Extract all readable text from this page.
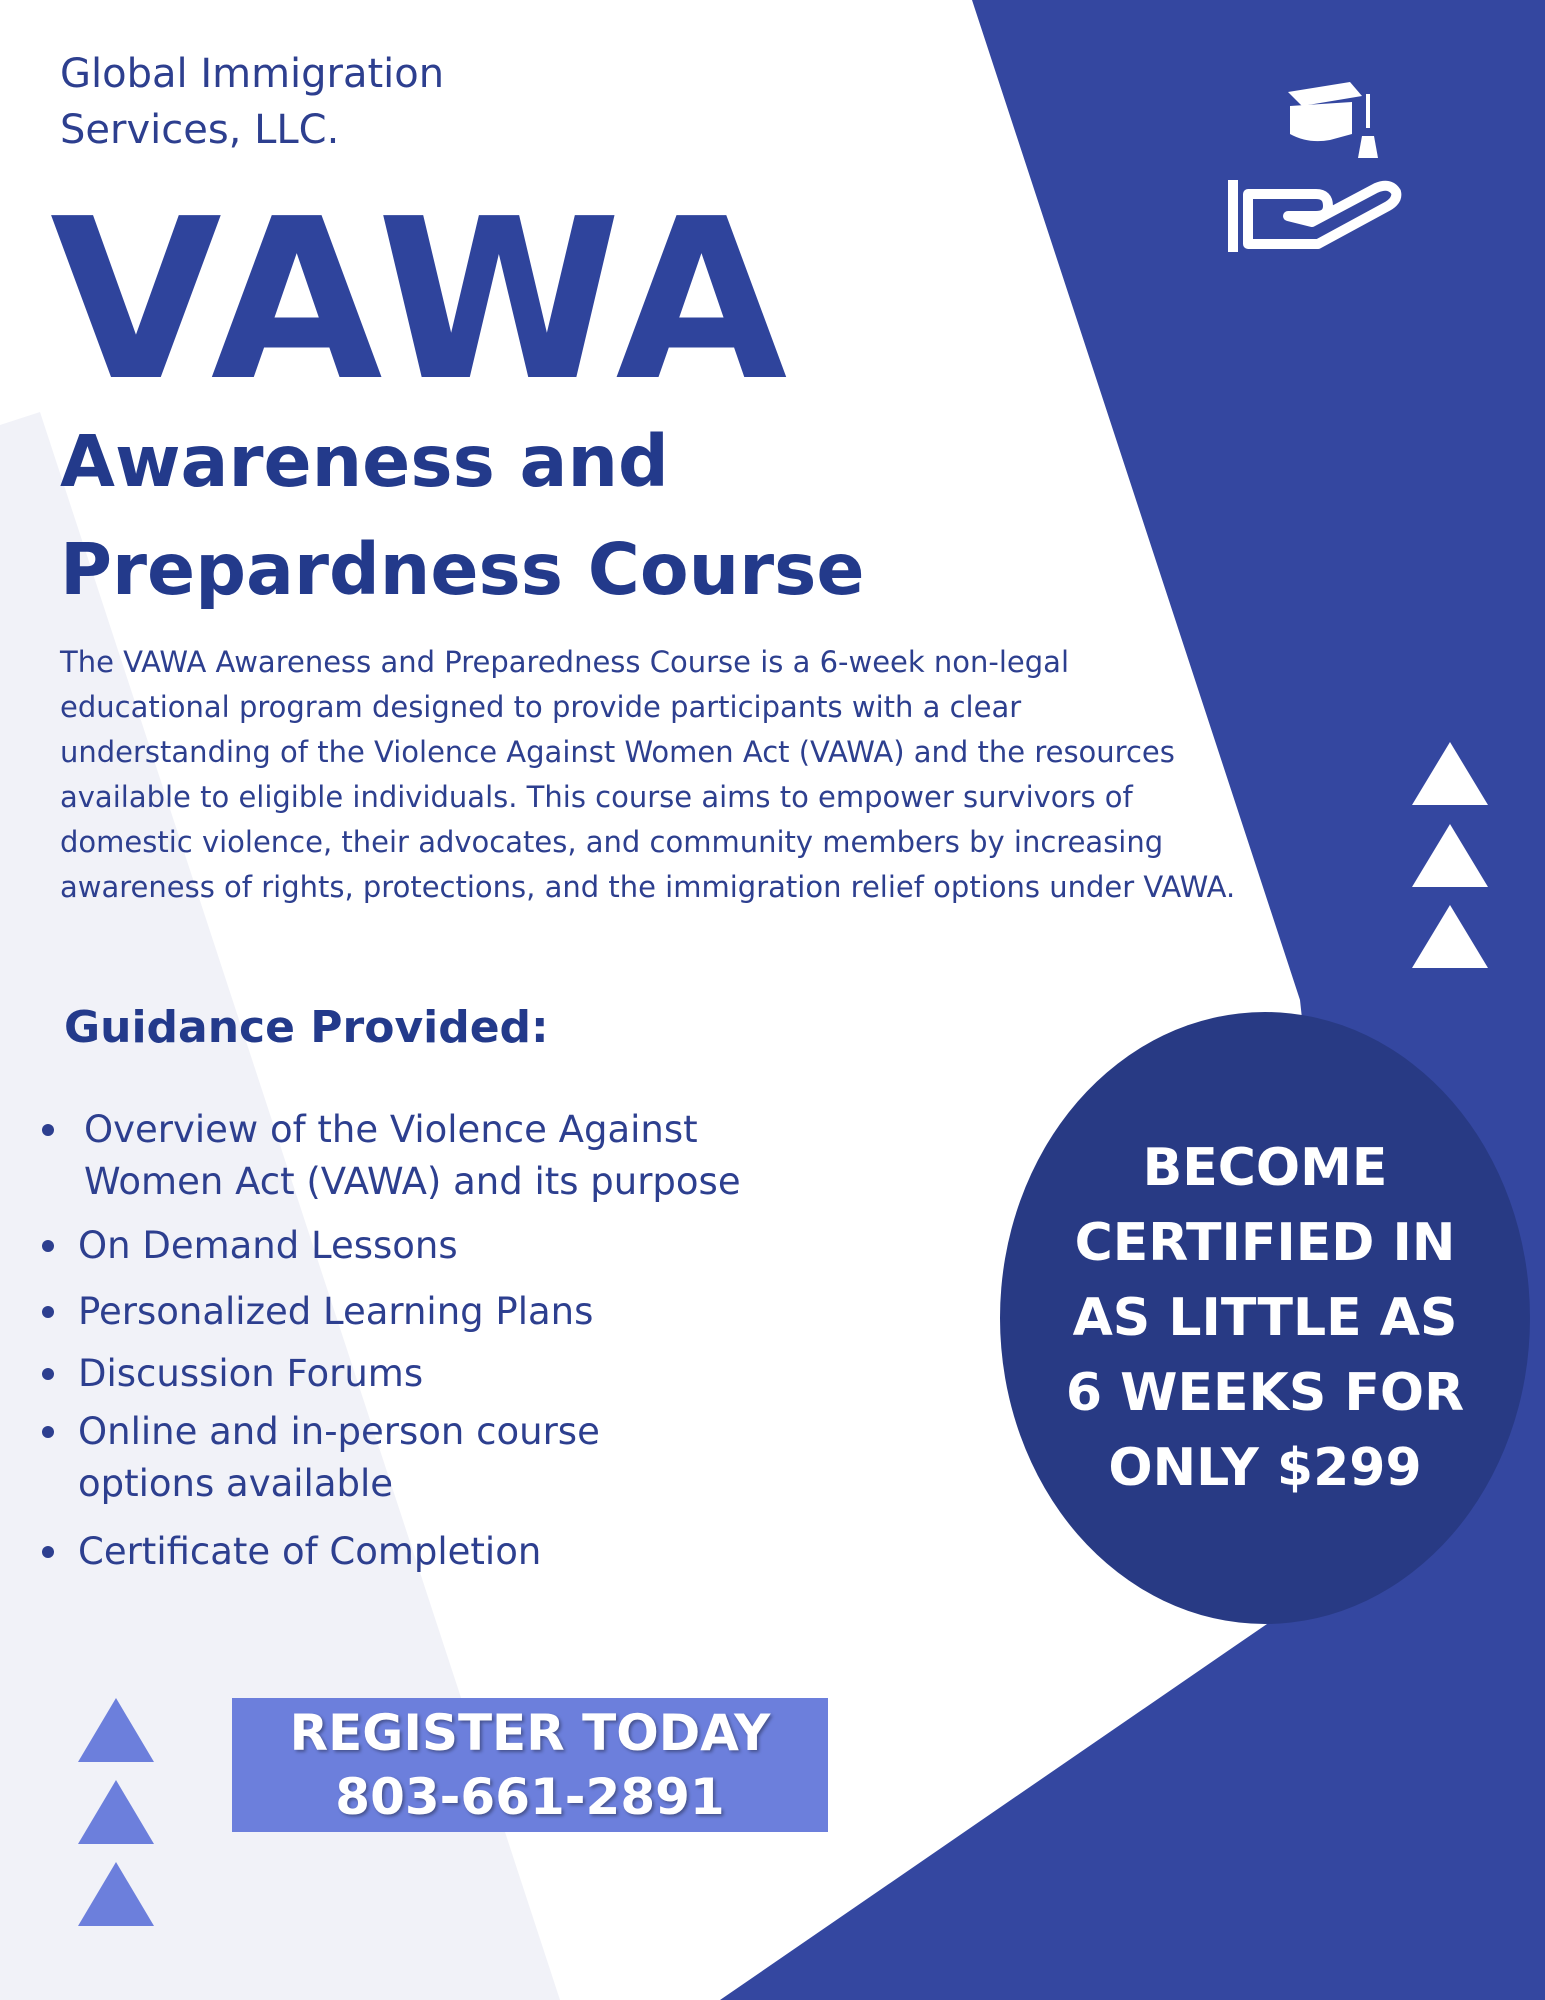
Global Immigration
Services, LLC.
VAWA
Awareness and
Prepardness Course
The VAWA Awareness and Preparedness Course is a 6-week non-legal educational program designed to provide participants with a clear understanding of the Violence Against Women Act (VAWA) and the resources available to eligible individuals. This course aims to empower survivors of domestic violence, their advocates, and community members by increasing awareness of rights, protections, and the immigration relief options under VAWA.
Guidance Provided:
Overview of the Violence Against Women Act (VAWA) and its purpose
On Demand Lessons
Personalized Learning Plans
Discussion Forums
Online and in-person course options available
Certificate of Completion
BECOME
CERTIFIED IN
AS LITTLE AS
6 WEEKS FOR
ONLY $299
REGISTER TODAY
803-661-2891
